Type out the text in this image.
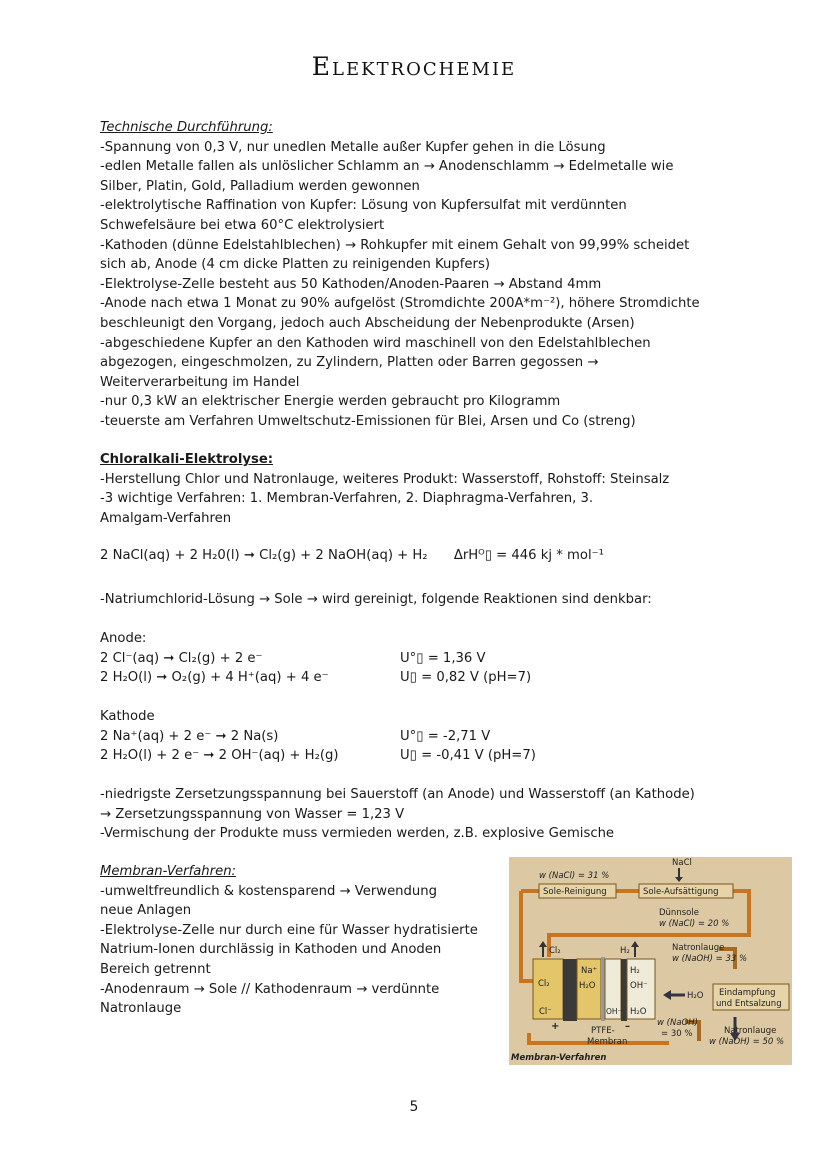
Elektrochemie
Technische Durchführung:
-Spannung von 0,3 V, nur unedlen Metalle außer Kupfer gehen in die Lösung
-edlen Metalle fallen als unlöslicher Schlamm an → Anodenschlamm → Edelmetalle wie
Silber, Platin, Gold, Palladium werden gewonnen
-elektrolytische Raffination von Kupfer: Lösung von Kupfersulfat mit verdünnten
Schwefelsäure bei etwa 60°C elektrolysiert
-Kathoden (dünne Edelstahlblechen) → Rohkupfer mit einem Gehalt von 99,99% scheidet
sich ab, Anode (4 cm dicke Platten zu reinigenden Kupfers)
-Elektrolyse-Zelle besteht aus 50 Kathoden/Anoden-Paaren → Abstand 4mm
-Anode nach etwa 1 Monat zu 90% aufgelöst (Stromdichte 200A*m⁻²), höhere Stromdichte
beschleunigt den Vorgang, jedoch auch Abscheidung der Nebenprodukte (Arsen)
-abgeschiedene Kupfer an den Kathoden wird maschinell von den Edelstahlblechen
abgezogen, eingeschmolzen, zu Zylindern, Platten oder Barren gegossen →
Weiterverarbeitung im Handel
-nur 0,3 kW an elektrischer Energie werden gebraucht pro Kilogramm
-teuerste am Verfahren Umweltschutz-Emissionen für Blei, Arsen und Co (streng)
Chloralkali-Elektrolyse:
-Herstellung Chlor und Natronlauge, weiteres Produkt: Wasserstoff, Rohstoff: Steinsalz
-3 wichtige Verfahren: 1. Membran-Verfahren, 2. Diaphragma-Verfahren, 3.
Amalgam-Verfahren
2 NaCl(aq) + 2 H₂0(l) ➞ Cl₂(g) + 2 NaOH(aq) + H₂ ΔrHᴼ▯ = 446 kj * mol⁻¹
-Natriumchlorid-Lösung → Sole → wird gereinigt, folgende Reaktionen sind denkbar:
Anode:
2 Cl⁻(aq) ➞ Cl₂(g) + 2 e⁻	U°▯ = 1,36 V
2 H₂O(l) ➞ O₂(g) + 4 H⁺(aq) + 4 e⁻	U▯ = 0,82 V (pH=7)
Kathode
2 Na⁺(aq) + 2 e⁻ ➞ 2 Na(s)	U°▯ = -2,71 V
2 H₂O(l) + 2 e⁻ ➞ 2 OH⁻(aq) + H₂(g)	U▯ = -0,41 V (pH=7)
-niedrigste Zersetzungsspannung bei Sauerstoff (an Anode) und Wasserstoff (an Kathode)
→ Zersetzungsspannung von Wasser = 1,23 V
-Vermischung der Produkte muss vermieden werden, z.B. explosive Gemische
Membran-Verfahren:
-umweltfreundlich & kostensparend → Verwendung
neue Anlagen
-Elektrolyse-Zelle nur durch eine für Wasser hydratisierte
Natrium-Ionen durchlässig in Kathoden und Anoden
Bereich getrennt
-Anodenraum → Sole // Kathodenraum → verdünnte
Natronlauge
NaCl
w (NaCl) = 31 %
Sole-Reinigung	Sole-Aufsättigung
Dünnsole
w (NaCl) = 20 %
Cl₂	H₂	Natronlauge
w (NaOH) = 33 %
Cl₂
Na⁺
H₂O
Cl⁻	OH⁻
H₂
OH⁻
H₂O
H₂O Eindampfung
und Entsalzung
+	–
PTFE-
Membran
w (NaOH)
= 30 %	Natronlauge
w (NaOH) = 50 %
Membran-Verfahren
5
